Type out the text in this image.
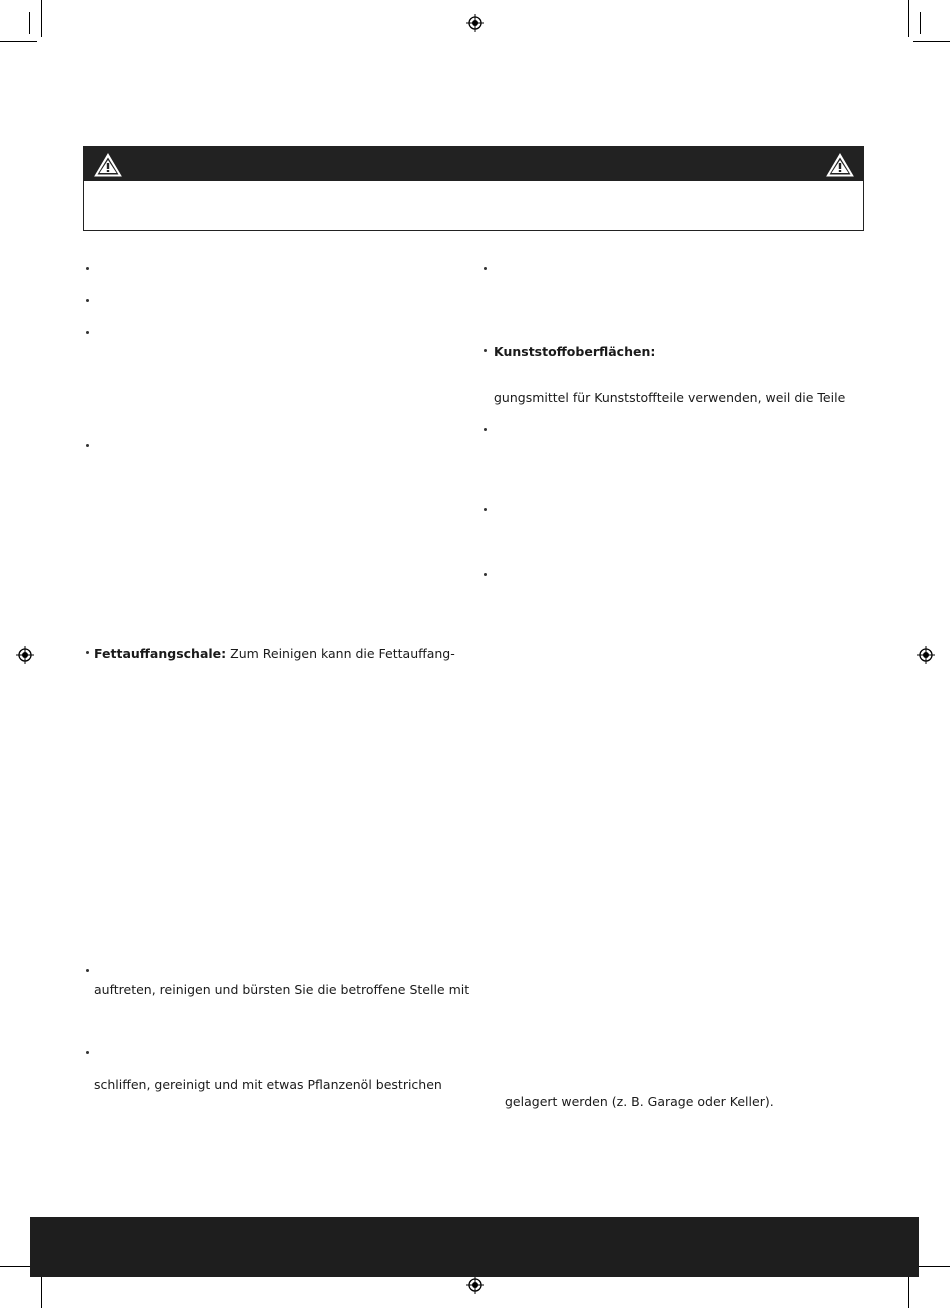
Fettauffangschale: Zum Reinigen kann die Fettauffang-
auftreten, reinigen und bürsten Sie die betroffene Stelle mit
schliffen, gereinigt und mit etwas Pflanzenöl bestrichen
Kunststoffoberflächen:
gungsmittel für Kunststoffteile verwenden, weil die Teile
gelagert werden (z. B. Garage oder Keller).
